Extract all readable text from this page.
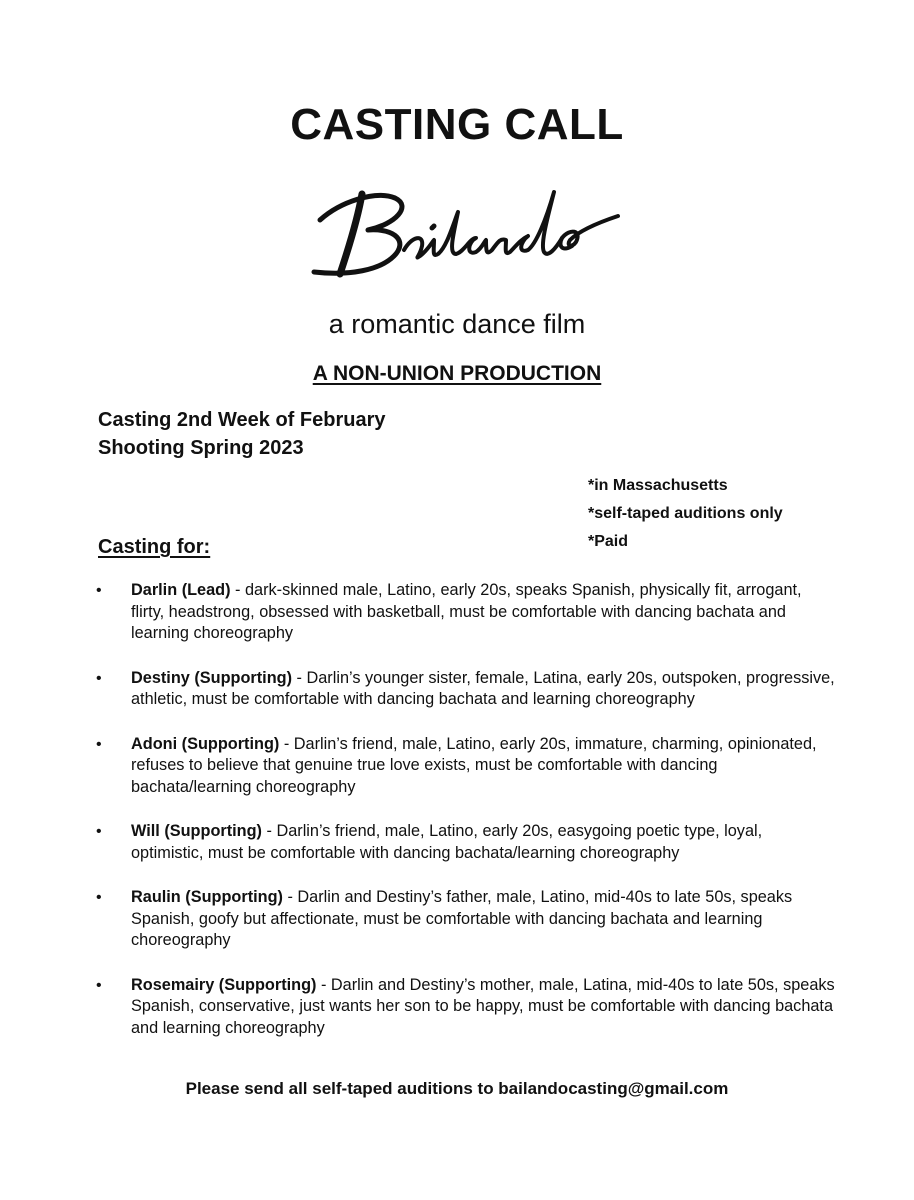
CASTING CALL
Bailando
a romantic dance film
A NON-UNION PRODUCTION
Casting 2nd Week of February
Shooting Spring 2023
*in Massachusetts
*self-taped auditions only
*Paid
Casting for:
• Darlin (Lead) - dark-skinned male, Latino, early 20s, speaks Spanish, physically fit, arrogant, flirty, headstrong, obsessed with basketball, must be comfortable with dancing bachata and learning choreography
• Destiny (Supporting) - Darlin’s younger sister, female, Latina, early 20s, outspoken, progressive, athletic, must be comfortable with dancing bachata and learning choreography
• Adoni (Supporting) - Darlin’s friend, male, Latino, early 20s, immature, charming, opinionated, refuses to believe that genuine true love exists, must be comfortable with dancing bachata/learning choreography
• Will (Supporting) - Darlin’s friend, male, Latino, early 20s, easygoing poetic type, loyal, optimistic, must be comfortable with dancing bachata/learning choreography
• Raulin (Supporting) - Darlin and Destiny’s father, male, Latino, mid-40s to late 50s, speaks Spanish, goofy but affectionate, must be comfortable with dancing bachata and learning choreography
• Rosemairy (Supporting) - Darlin and Destiny’s mother, male, Latina, mid-40s to late 50s, speaks Spanish, conservative, just wants her son to be happy, must be comfortable with dancing bachata and learning choreography
Please send all self-taped auditions to bailandocasting@gmail.com
